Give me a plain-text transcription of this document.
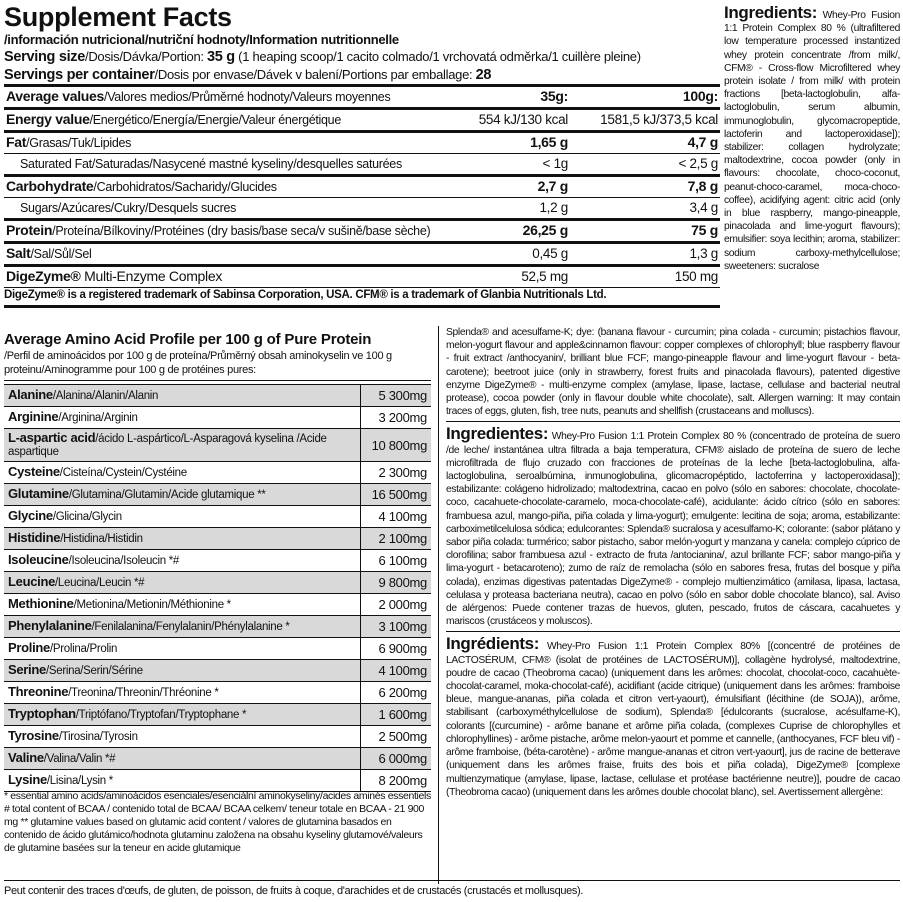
Supplement Facts
/información nutricional/nutriční hodnoty/Information nutritionnelle
Serving size/Dosis/Dávka/Portion: 35 g (1 heaping scoop/1 cacito colmado/1 vrchovatá odměrka/1 cuillère pleine)
Servings per container/Dosis por envase/Dávek v balení/Portions par emballage: 28
Average values/Valores medios/Průměrné hodnoty/Valeurs moyennes	35g:	100g:
Energy value/Energético/Energía/Energie/Valeur énergétique	554 kJ/130 kcal	1581,5 kJ/373,5 kcal
Fat/Grasas/Tuk/Lipides	1,65 g	4,7 g
Saturated Fat/Saturadas/Nasycené mastné kyseliny/desquelles saturées	< 1g	< 2,5 g
Carbohydrate/Carbohidratos/Sacharidy/Glucides	2,7 g	7,8 g
Sugars/Azúcares/Cukry/Desquels sucres	1,2 g	3,4 g
Protein/Proteína/Bílkoviny/Protéines (dry basis/base seca/v sušině/base sèche)	26,25 g	75 g
Salt/Sal/Sůl/Sel	0,45 g	1,3 g
DigeZyme® Multi-Enzyme Complex	52,5 mg	150 mg
DigeZyme® is a registered trademark of Sabinsa Corporation, USA. CFM® is a trademark of Glanbia Nutritionals Ltd.
Ingredients: Whey-Pro Fusion 1:1 Protein Complex 80 % (ultrafiltered low temperature processed instantized whey protein concentrate /from milk/, CFM® - Cross-flow Microfiltered whey protein isolate / from milk/ with protein fractions [beta-lactoglobulin, alfa-lactoglobulin, serum albumin, immunoglobulin, glycomacropeptide, lactoferin and lactoperoxidase]); stabilizer: collagen hydrolyzate; maltodextrine, cocoa powder (only in flavours: chocolate, choco-coconut, peanut-choco-caramel, moca-choco-coffee), acidifying agent: citric acid (only in blue raspberry, mango-pineapple, pinacolada and lime-yogurt flavours); emulsifier: soya lecithin; aroma, stabilizer: sodium carboxy-methylcellulose; sweeteners: sucralose
Average Amino Acid Profile per 100 g of Pure Protein
/Perfil de aminoácidos por 100 g de proteína/Průměrný obsah aminokyselin ve 100 g proteinu/Aminogramme pour 100 g de protéines pures:
Alanine/Alanina/Alanin/Alanin	5 300mg
Arginine/Arginina/Arginin	3 200mg
L-aspartic acid/ácido L-aspártico/L-Asparagová kyselina /Acide aspartique	10 800mg
Cysteine/Cisteína/Cystein/Cystéine	2 300mg
Glutamine/Glutamina/Glutamin/Acide glutamique **	16 500mg
Glycine/Glicina/Glycin	4 100mg
Histidine/Histidina/Histidin	2 100mg
Isoleucine/Isoleucina/Isoleucin *#	6 100mg
Leucine/Leucina/Leucin *#	9 800mg
Methionine/Metionina/Metionin/Méthionine *	2 000mg
Phenylalanine/Fenilalanina/Fenylalanin/Phénylalanine *	3 100mg
Proline/Prolina/Prolin	6 900mg
Serine/Serina/Serin/Sérine	4 100mg
Threonine/Treonina/Threonin/Thréonine *	6 200mg
Tryptophan/Triptófano/Tryptofan/Tryptophane *	1 600mg
Tyrosine/Tirosina/Tyrosin	2 500mg
Valine/Valina/Valin *#	6 000mg
Lysine/Lisina/Lysin *	8 200mg
* essential amino acids/aminoácidos esenciales/esenciální aminokyseliny/acides aminés essentiels # total content of BCAA / contenido total de BCAA/ BCAA celkem/ teneur totale en BCAA - 21 900 mg ** glutamine values based on glutamic acid content / valores de glutamina basados en contenido de ácido glutámico/hodnota glutaminu založena na obsahu kyseliny glutamové/valeurs de glutamine basées sur la teneur en acide glutamique
Splenda® and acesulfame-K; dye: (banana flavour - curcumin; pina colada - curcumin; pistachios flavour, melon-yogurt flavour and apple&cinnamon flavour: copper complexes of chlorophyll; blue raspberry flavour - fruit extract /anthocyanin/, brilliant blue FCF; mango-pineapple flavour and lime-yogurt flavour - beta-carotene); beetroot juice (only in strawberry, forest fruits and pinacolada flavours), patented digestive enzyme DigeZyme® - multi-enzyme complex (amylase, lipase, lactase, cellulase and bacterial neutral protease), cocoa powder (only in flavour double white chocolate), salt. Allergen warning: It may contain traces of eggs, gluten, fish, tree nuts, peanuts and shellfish (crustaceans and molluscs).
Ingredientes: Whey-Pro Fusion 1:1 Protein Complex 80 % (concentrado de proteína de suero /de leche/ instantánea ultra filtrada a baja temperatura, CFM® aislado de proteína de suero de leche microfiltrada de flujo cruzado con fracciones de proteínas de la leche [beta-lactoglobulina, alfa-lactoglobulina, seroalbúmina, inmunoglobulina, glicomacropéptido, lactoferrina y lactoperoxidasa]); estabilizante: colágeno hidrolizado; maltodextrina, cacao en polvo (sólo en sabores: chocolate, chocolate-coco, cacahuete-chocolate-caramelo, moca-chocolate-café), acidulante: ácido cítrico (sólo en sabores: frambuesa azul, mango-piña, piña colada y lima-yogurt); emulgente: lecitina de soja; aroma, estabilizante: carboximetilcelulosa sódica; edulcorantes: Splenda® sucralosa y acesulfamo-K; colorante: (sabor plátano y sabor piña colada: turmérico; sabor pistacho, sabor melón-yogurt y manzana y canela: complejo cúprico de clorofilina; sabor frambuesa azul - extracto de fruta /antocianina/, azul brillante FCF; sabor mango-piña y lima-yogurt - betacaroteno); zumo de raíz de remolacha (sólo en sabores fresa, frutas del bosque y piña colada), enzimas digestivas patentadas DigeZyme® - complejo multienzimático (amilasa, lipasa, lactasa, celulasa y proteasa bacteriana neutra), cacao en polvo (sólo en sabor doble chocolate blanco), sal. Aviso de alérgenos: Puede contener trazas de huevos, gluten, pescado, frutos de cáscara, cacahuetes y mariscos (crustáceos y moluscos).
Ingrédients: Whey-Pro Fusion 1:1 Protein Complex 80% [(concentré de protéines de LACTOSÉRUM, CFM® (isolat de protéines de LACTOSÉRUM)], collagène hydrolysé, maltodextrine, poudre de cacao (Theobroma cacao) (uniquement dans les arômes: chocolat, chocolat-coco, cacahuète-chocolat-caramel, moka-chocolat-café), acidifiant (acide citrique) (uniquement dans les arômes: framboise bleue, mangue-ananas, piña colada et citron vert-yaourt), émulsifiant (lécithine (de SOJA)), arôme, stabilisant (carboxyméthylcellulose de sodium), Splenda® [édulcorants (sucralose, acésulfame-K), colorants [(curcumine) - arôme banane et arôme piña colada, (complexes Cuprise de chlorophylles et chlorophyllines) - arôme pistache, arôme melon-yaourt et pomme et cannelle, (anthocyanes, FCF bleu vif) - arôme framboise, (béta-carotène) - arôme mangue-ananas et citron vert-yaourt], jus de racine de betterave (uniquement dans les arômes fraise, fruits des bois et piña colada), DigeZyme® [complexe multienzymatique (amylase, lipase, lactase, cellulase et protéase bactérienne neutre)], poudre de cacao (Theobroma cacao) (uniquement dans les arômes double chocolat blanc), sel. Avertissement allergène:
Peut contenir des traces d'œufs, de gluten, de poisson, de fruits à coque, d'arachides et de crustacés (crustacés et mollusques).
